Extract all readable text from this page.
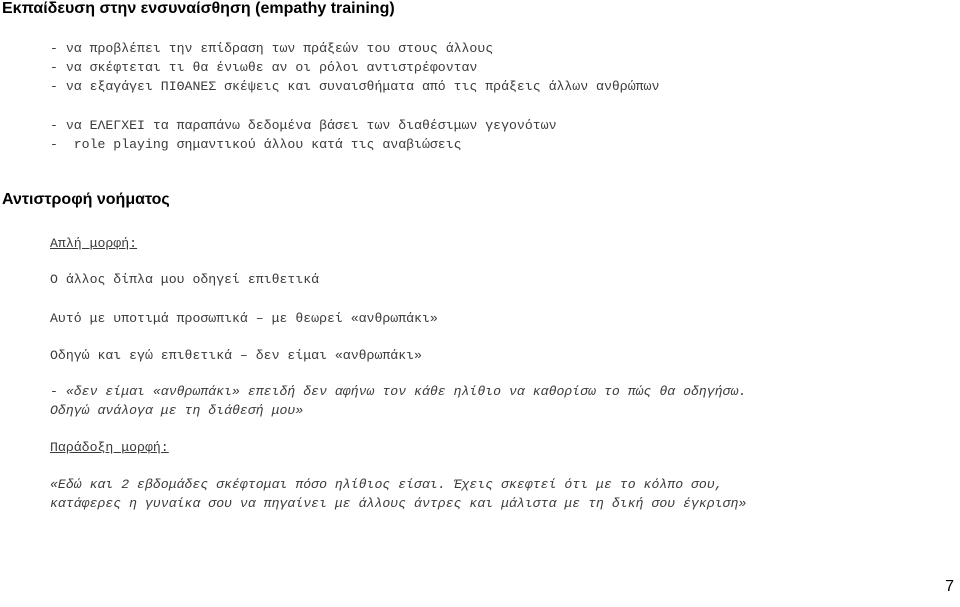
Εκπαίδευση στην ενσυναίσθηση (empathy training)
- να προβλέπει την επίδραση των πράξεών του στους άλλους
- να σκέφτεται τι θα ένιωθε αν οι ρόλοι αντιστρέφονταν
- να εξαγάγει ΠΙΘΑΝΕΣ σκέψεις και συναισθήματα από τις πράξεις άλλων ανθρώπων
- να ΕΛΕΓΧΕΙ τα παραπάνω δεδομένα βάσει των διαθέσιμων γεγονότων
-  role playing σημαντικού άλλου κατά τις αναβιώσεις
Αντιστροφή νοήματος
Απλή μορφή:
Ο άλλος δίπλα μου οδηγεί επιθετικά
Αυτό με υποτιμά προσωπικά – με θεωρεί «ανθρωπάκι»
Οδηγώ και εγώ επιθετικά – δεν είμαι «ανθρωπάκι»
- «δεν είμαι «ανθρωπάκι» επειδή δεν αφήνω τον κάθε ηλίθιο να καθορίσω το πώς θα οδηγήσω.
Οδηγώ ανάλογα με τη διάθεσή μου»
Παράδοξη μορφή:
«Εδώ και 2 εβδομάδες σκέφτομαι πόσο ηλίθιος είσαι. Έχεις σκεφτεί ότι με το κόλπο σου,
κατάφερες η γυναίκα σου να πηγαίνει με άλλους άντρες και μάλιστα με τη δική σου έγκριση»
7
